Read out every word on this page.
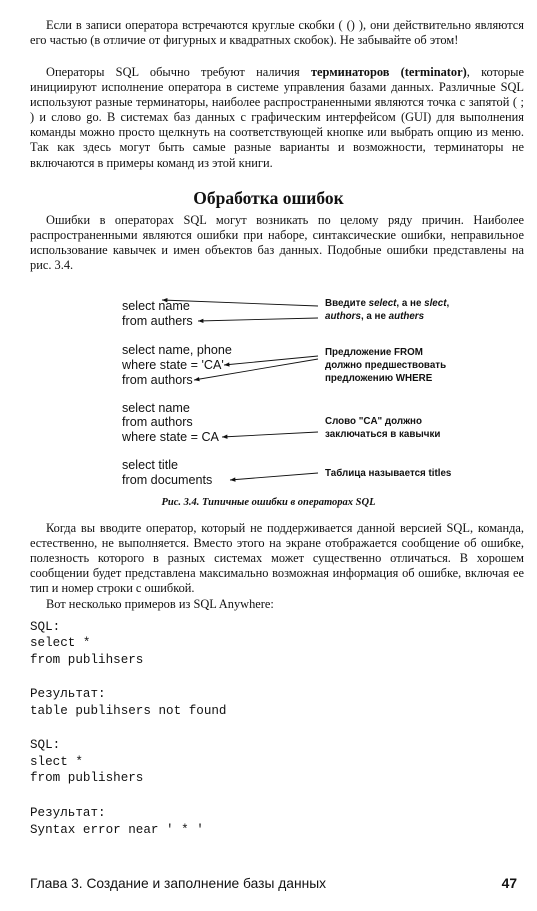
Если в записи оператора встречаются круглые скобки ( () ), они действительно являются его частью (в отличие от фигурных и квадратных скобок). Не забывайте об этом!
Операторы SQL обычно требуют наличия терминаторов (terminator), которые инициируют исполнение оператора в системе управления базами данных. Различные SQL используют разные терминаторы, наиболее распространенными являются точка с запятой ( ; ) и слово go. В системах баз данных с графическим интерфейсом (GUI) для выполнения команды можно просто щелкнуть на соответствующей кнопке или выбрать опцию из меню. Так как здесь могут быть самые разные варианты и возможности, терминаторы не включаются в примеры команд из этой книги.
Обработка ошибок
Ошибки в операторах SQL могут возникать по целому ряду причин. Наиболее распространенными являются ошибки при наборе, синтаксические ошибки, неправильное использование кавычек и имен объектов баз данных. Подобные ошибки представлены на рис. 3.4.
select name
from authers
select name, phone
where state = 'CA'
from authors
select name
from authors
where state = CA
select title
from documents
Введите select, а не slect,
authors, а не authers
Предложение FROM
должно предшествовать
предложению WHERE
Слово "CA" должно
заключаться в кавычки
Таблица называется titles
Рис. 3.4. Типичные ошибки в операторах SQL
Когда вы вводите оператор, который не поддерживается данной версией SQL, команда, естественно, не выполняется. Вместо этого на экране отображается сообщение об ошибке, полезность которого в разных системах может существенно отличаться. В хорошем сообщении будет представлена максимально возможная информация об ошибке, включая ее тип и номер строки с ошибкой.
Вот несколько примеров из SQL Anywhere:
SQL:
select *
from publihsers
Результат:
table publihsers not found
SQL:
slect *
from publishers
Результат:
Syntax error near ' * '
Глава 3. Создание и заполнение базы данных	47
